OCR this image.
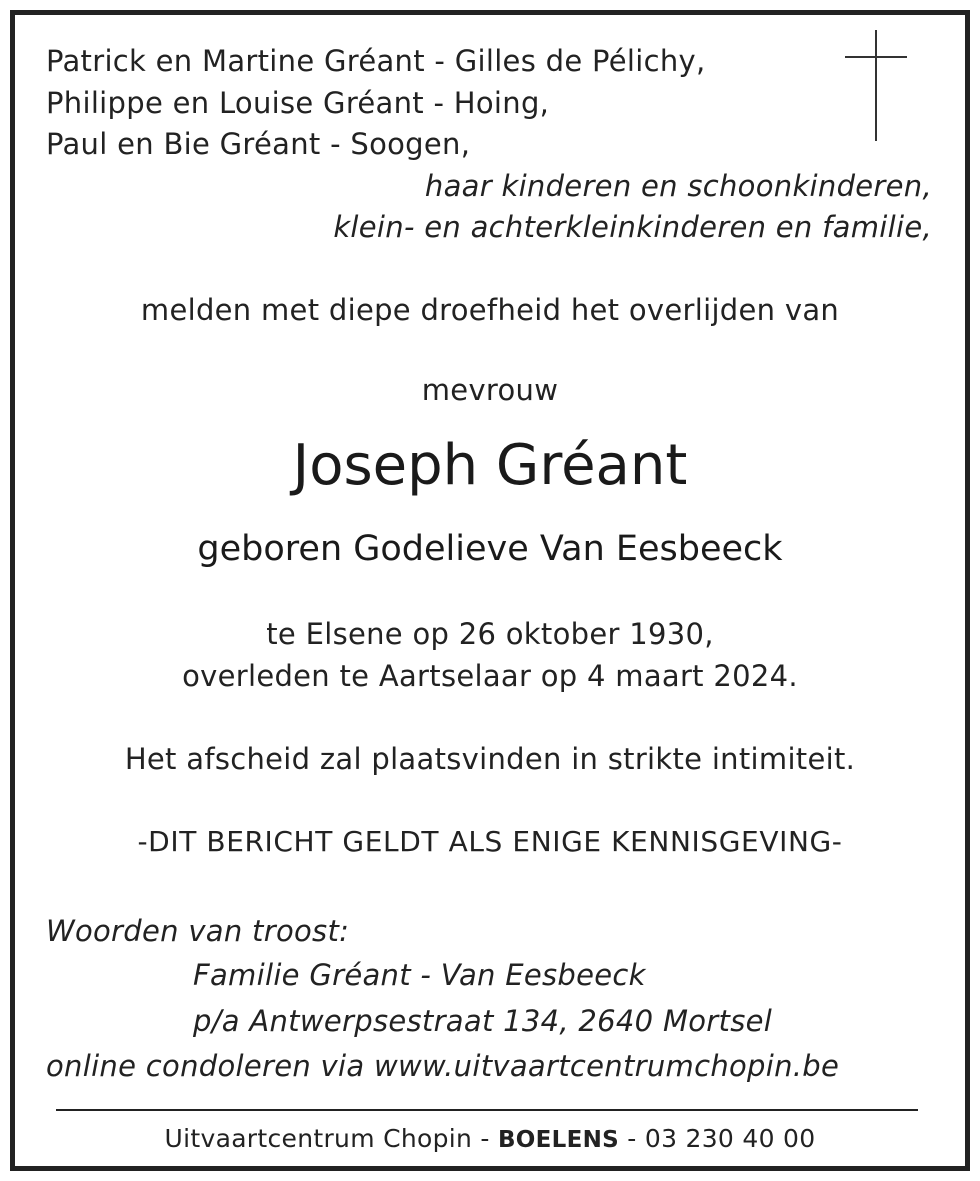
Patrick en Martine Gréant - Gilles de Pélichy,
Philippe en Louise Gréant - Hoing,
Paul en Bie Gréant - Soogen,
haar kinderen en schoonkinderen,
klein- en achterkleinkinderen en familie,
melden met diepe droefheid het overlijden van
mevrouw
Joseph Gréant
geboren Godelieve Van Eesbeeck
te Elsene op 26 oktober 1930,
overleden te Aartselaar op 4 maart 2024.
Het afscheid zal plaatsvinden in strikte intimiteit.
-DIT BERICHT GELDT ALS ENIGE KENNISGEVING-
Woorden van troost:
Familie Gréant - Van Eesbeeck
p/a Antwerpsestraat 134, 2640 Mortsel
online condoleren via www.uitvaartcentrumchopin.be
Uitvaartcentrum Chopin - BOELENS - 03 230 40 00
